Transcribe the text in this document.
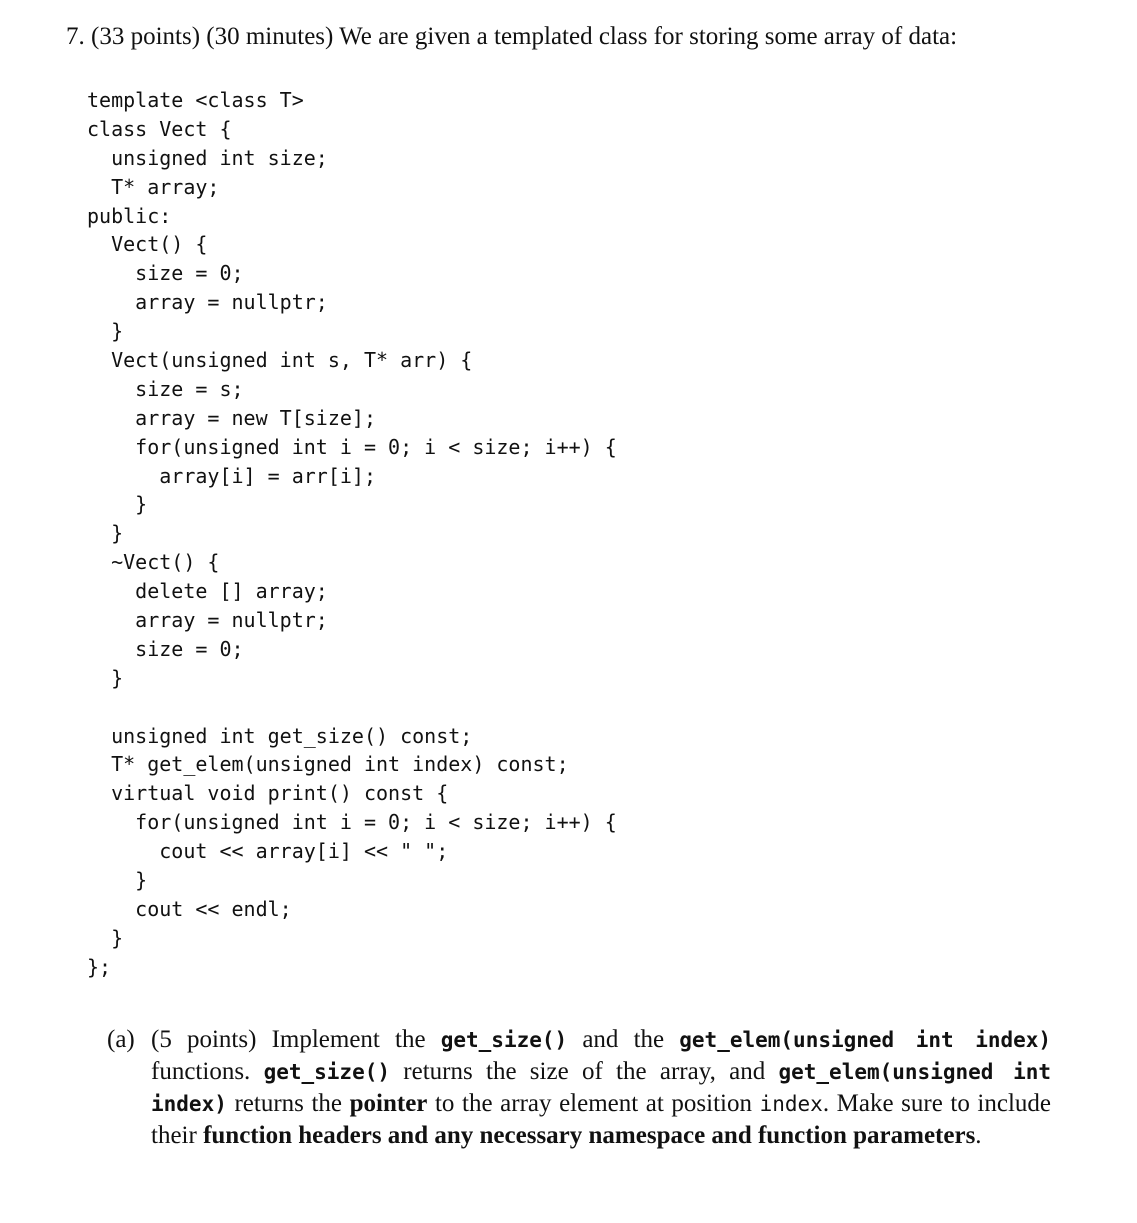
7. (33 points) (30 minutes) We are given a templated class for storing some array of data:
template <class T>
class Vect {
unsigned int size;
T* array;
public:
Vect() {
size = 0;
array = nullptr;
}
Vect(unsigned int s, T* arr) {
size = s;
array = new T[size];
for(unsigned int i = 0; i < size; i++) {
array[i] = arr[i];
}
}
~Vect() {
delete [] array;
array = nullptr;
size = 0;
}
unsigned int get_size() const;
T* get_elem(unsigned int index) const;
virtual void print() const {
for(unsigned int i = 0; i < size; i++) {
cout << array[i] << " ";
}
cout << endl;
}
};
(a) (5 points) Implement the get_size() and the get_elem(unsigned int index) functions. get_size() returns the size of the array, and get_elem(unsigned int index) returns the pointer to the array element at position index. Make sure to include their function headers and any necessary namespace and function parameters.
